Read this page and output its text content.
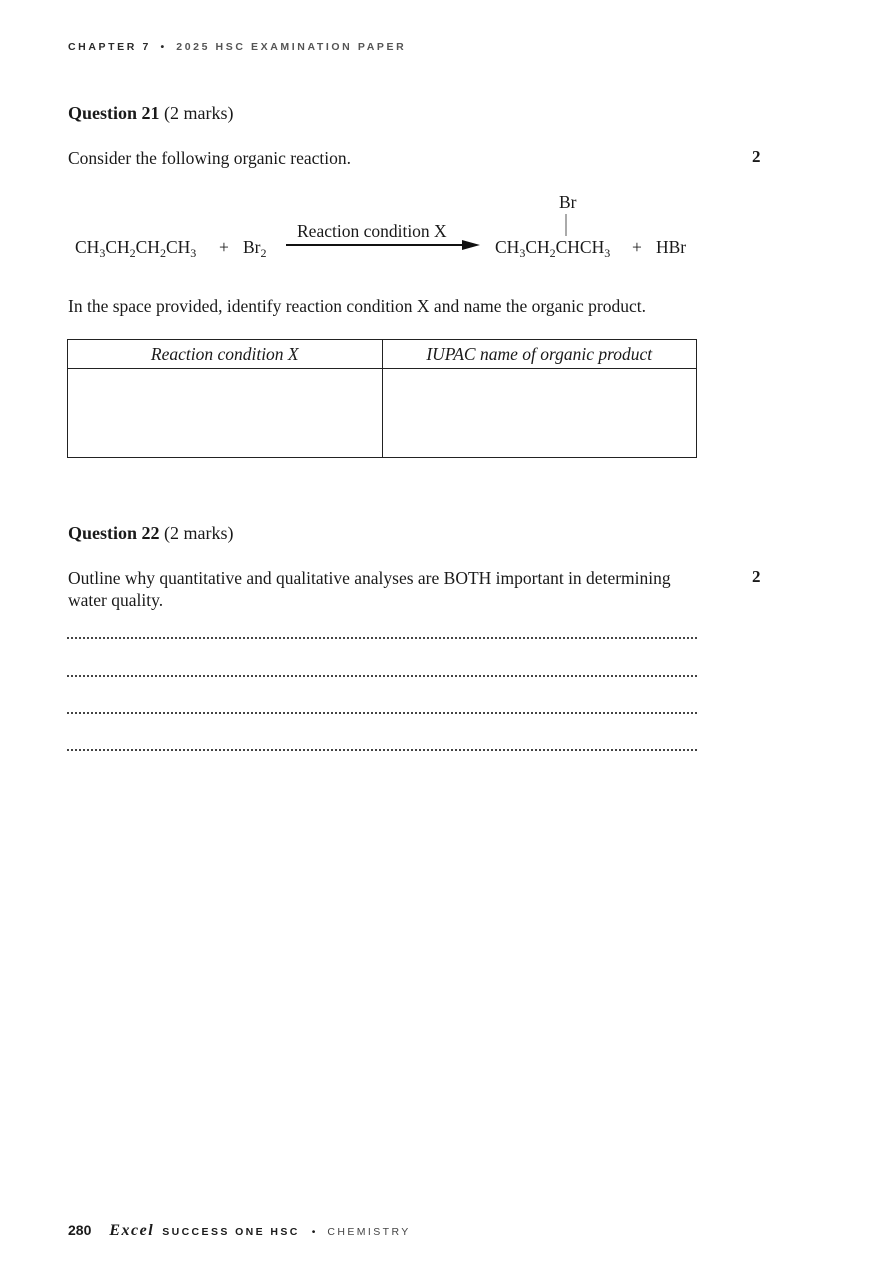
CHAPTER 7 • 2025 HSC EXAMINATION PAPER
Question 21 (2 marks)
Consider the following organic reaction.	2
$CH_3CH_2CH_2CH_3 + Br_2$
Reaction condition X
Br
$CH_3CH_2CHCH_3$ + HBr
In the space provided, identify reaction condition X and name the organic product.
Reaction condition X	IUPAC name of organic product

Question 22 (2 marks)
Outline why quantitative and qualitative analyses are BOTH important in determining
water quality.
2
280 Excel SUCCESS ONE HSC • CHEMISTRY
